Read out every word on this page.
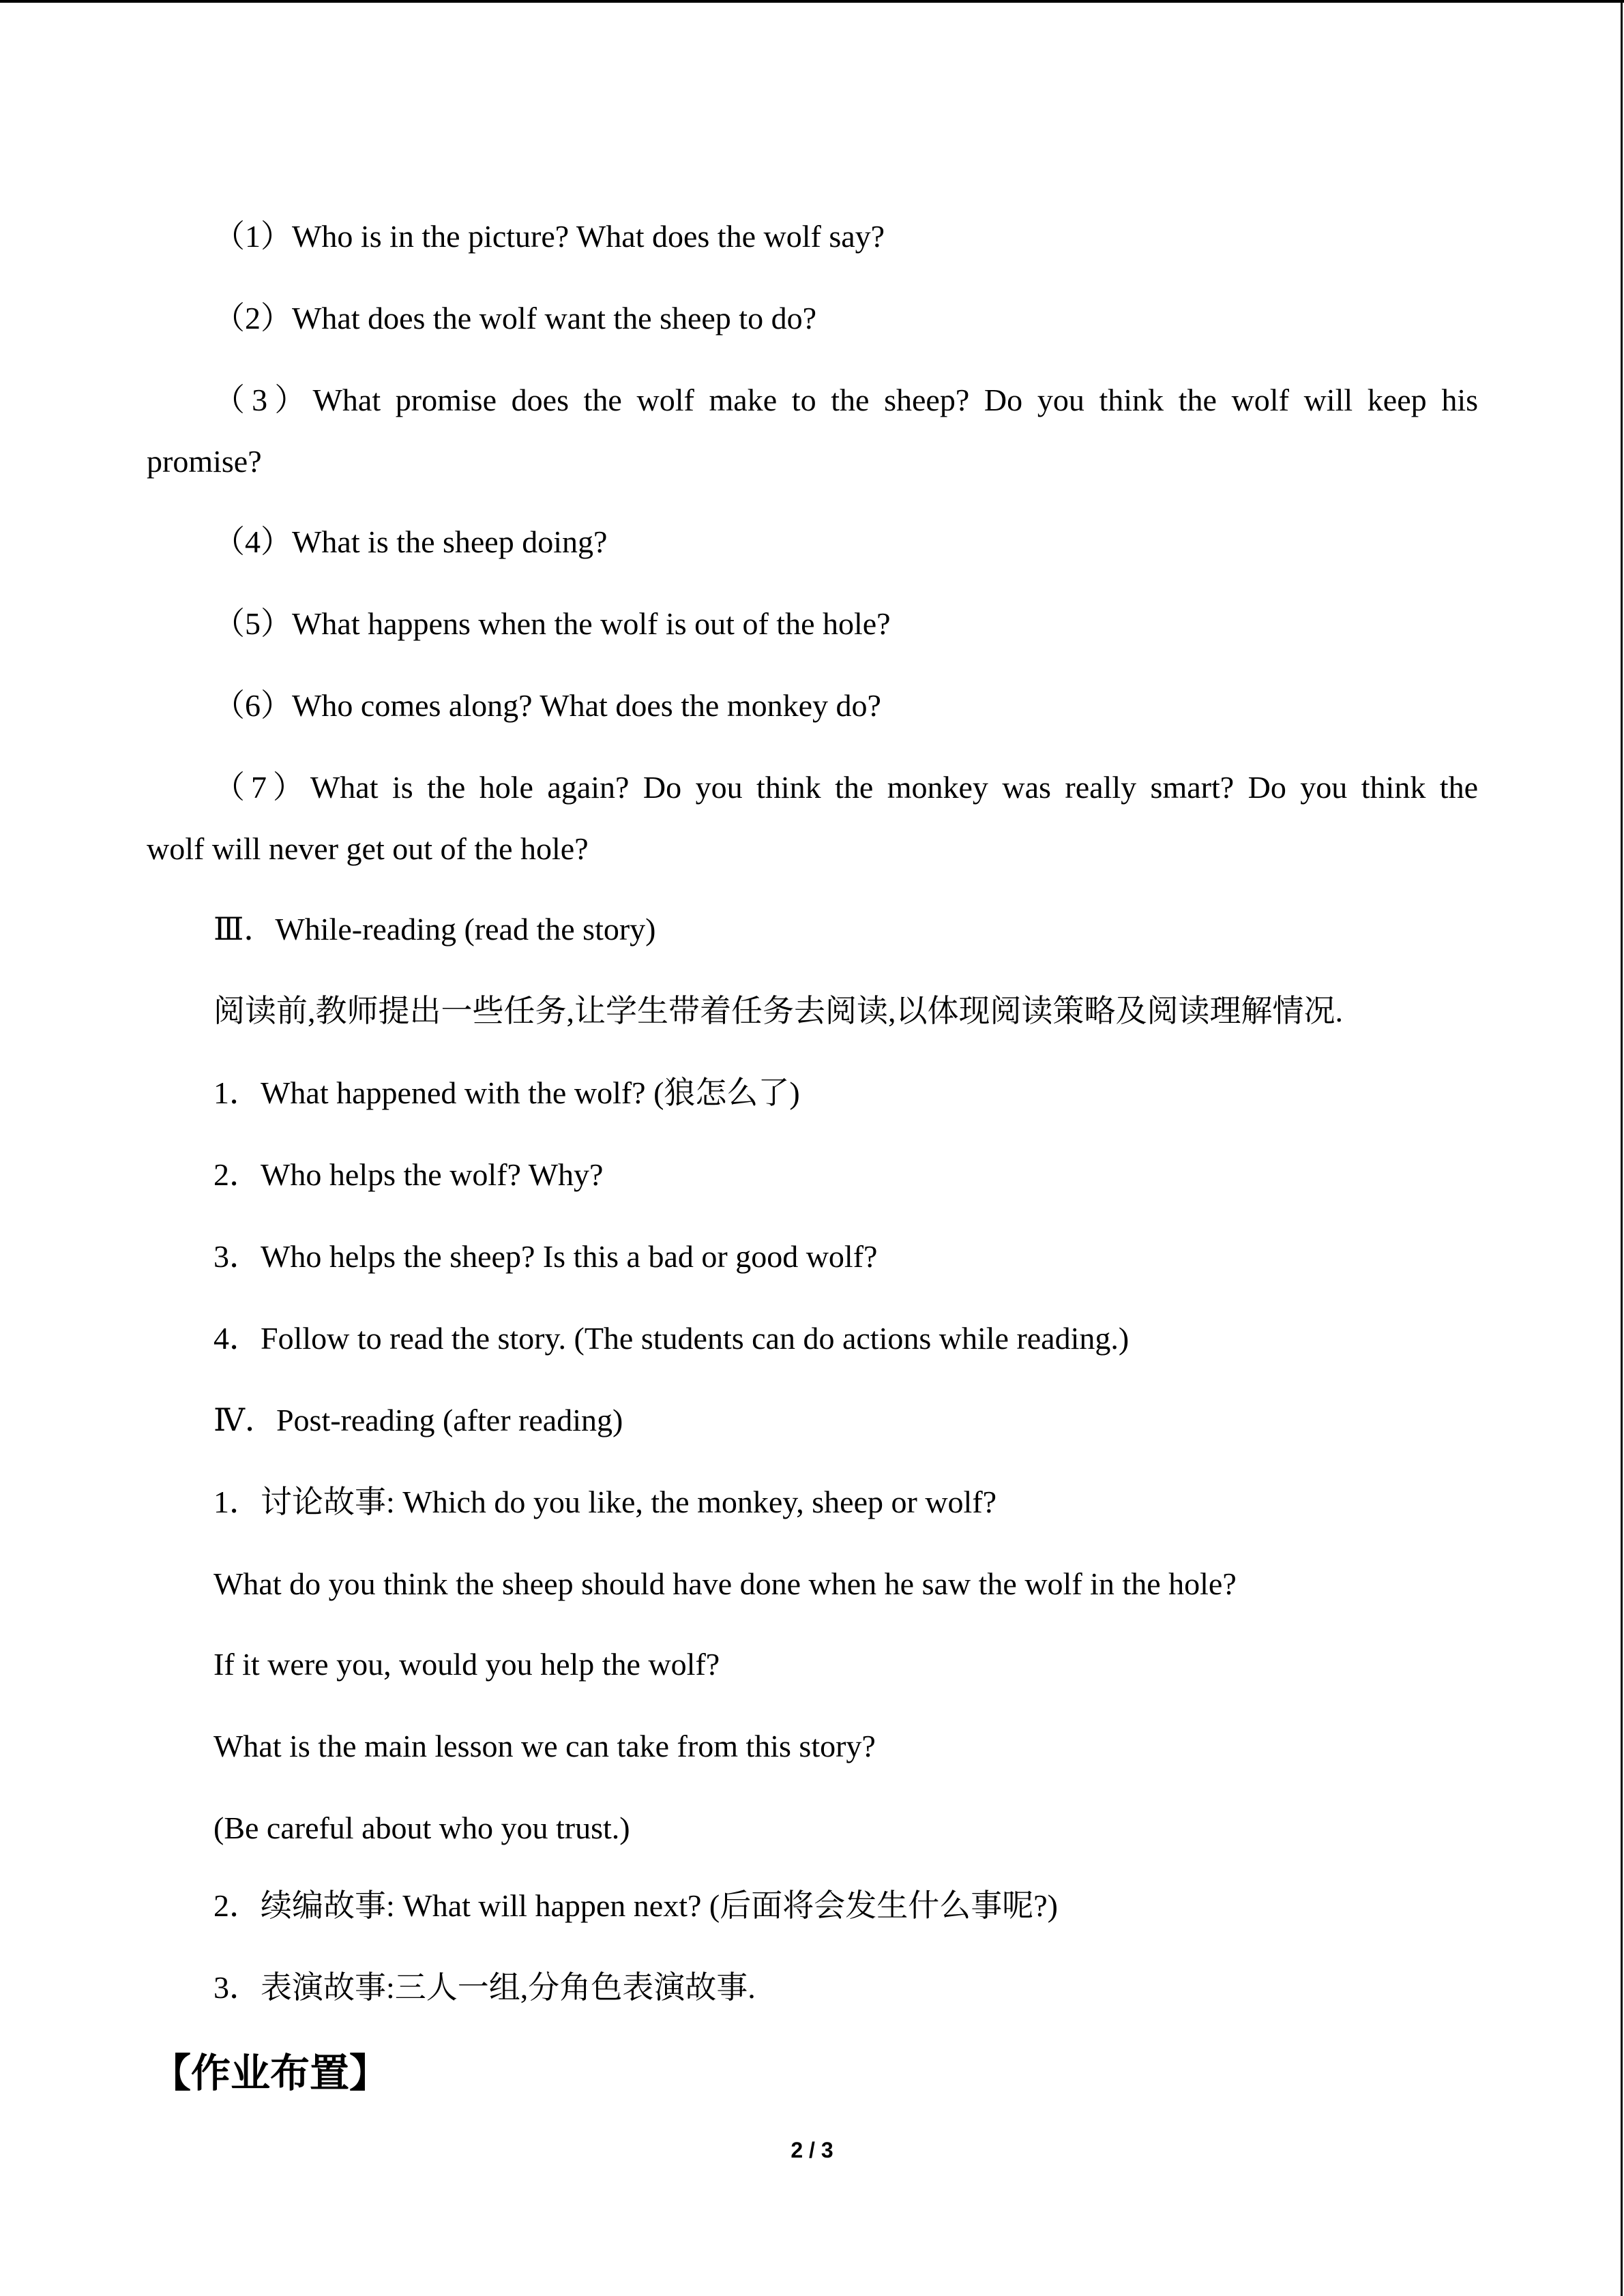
（1）Who is in the picture? What does the wolf say?
（2）What does the wolf want the sheep to do?
（3）What promise does the wolf make to the sheep? Do you think the wolf will keep his
promise?
（4）What is the sheep doing?
（5）What happens when the wolf is out of the hole?
（6）Who comes along? What does the monkey do?
（7）What is the hole again? Do you think the monkey was really smart? Do you think the
wolf will never get out of the hole?
Ⅲ．While-reading (read the story)
阅读前,教师提出一些任务,让学生带着任务去阅读,以体现阅读策略及阅读理解情况.
1．What happened with the wolf? (狼怎么了)
2．Who helps the wolf? Why?
3．Who helps the sheep? Is this a bad or good wolf?
4．Follow to read the story. (The students can do actions while reading.)
Ⅳ．Post-reading (after reading)
1．讨论故事: Which do you like, the monkey, sheep or wolf?
What do you think the sheep should have done when he saw the wolf in the hole?
If it were you, would you help the wolf?
What is the main lesson we can take from this story?
(Be careful about who you trust.)
2．续编故事: What will happen next? (后面将会发生什么事呢?)
3．表演故事:三人一组,分角色表演故事.
【作业布置】
2 / 3
